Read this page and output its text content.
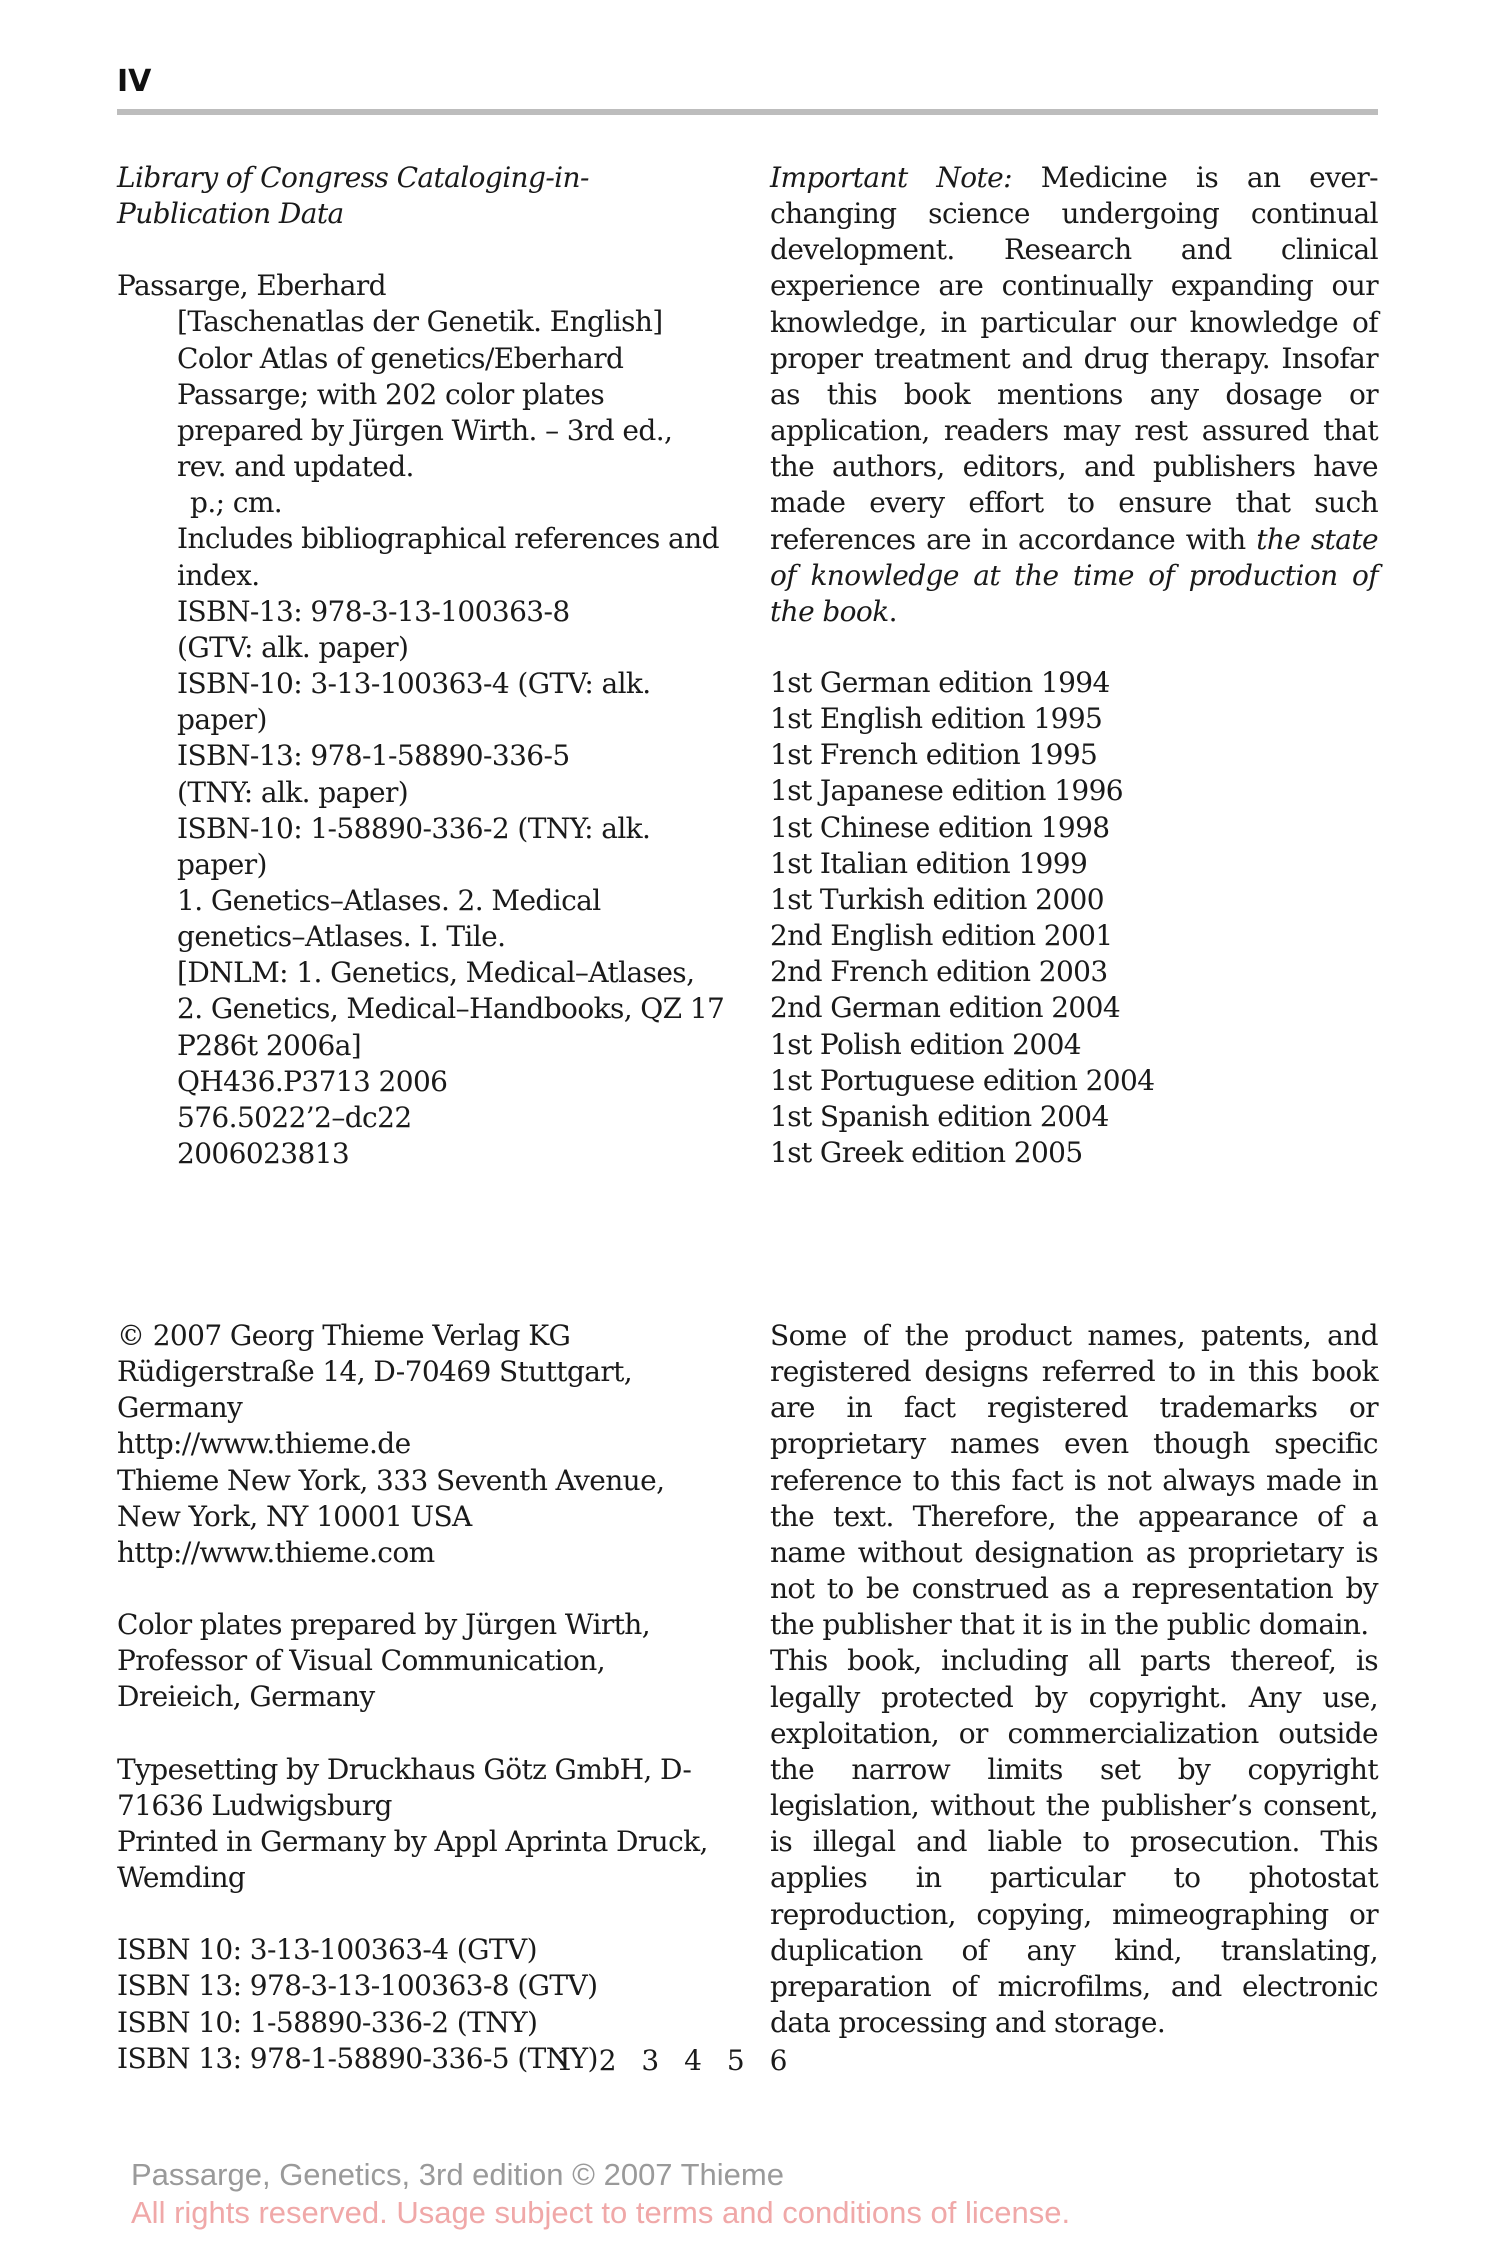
IV

Library of Congress Cataloging-in-Publication Data

Passarge, Eberhard

[Taschenatlas der Genetik. English]

Color Atlas of genetics/Eberhard Passarge; with 202 color plates prepared by Jürgen Wirth. – 3rd ed., rev. and updated.

p.; cm.

Includes bibliographical references and index.

ISBN-13: 978-3-13-100363-8

(GTV: alk. paper)

ISBN-10: 3-13-100363-4 (GTV: alk. paper)

ISBN-13: 978-1-58890-336-5

(TNY: alk. paper)

ISBN-10: 1-58890-336-2 (TNY: alk. paper)

1. Genetics–Atlases. 2. Medical genetics–Atlases. I. Tile.

[DNLM: 1. Genetics, Medical–Atlases, 2. Genetics, Medical–Handbooks, QZ 17 P286t 2006a]

QH436.P3713 2006

576.5022’2–dc22

2006023813

Important Note: Medicine is an ever-changing science undergoing continual development. Research and clinical experience are continually expanding our knowledge, in particular our knowledge of proper treatment and drug therapy. Insofar as this book mentions any dosage or application, readers may rest assured that the authors, editors, and publishers have made every effort to ensure that such references are in accordance with the state of knowledge at the time of production of the book.

1st German edition 1994

1st English edition 1995

1st French edition 1995

1st Japanese edition 1996

1st Chinese edition 1998

1st Italian edition 1999

1st Turkish edition 2000

2nd English edition 2001

2nd French edition 2003

2nd German edition 2004

1st Polish edition 2004

1st Portuguese edition 2004

1st Spanish edition 2004

1st Greek edition 2005

© 2007 Georg Thieme Verlag KG

Rüdigerstraße 14, D-70469 Stuttgart, Germany

http://www.thieme.de

Thieme New York, 333 Seventh Avenue,

New York, NY 10001 USA

http://www.thieme.com

Color plates prepared by Jürgen Wirth, Professor of Visual Communication, Dreieich, Germany

Typesetting by Druckhaus Götz GmbH, D-71636 Ludwigsburg

Printed in Germany by Appl Aprinta Druck, Wemding

ISBN 10: 3-13-100363-4 (GTV)

ISBN 13: 978-3-13-100363-8 (GTV)

ISBN 10: 1-58890-336-2 (TNY)

ISBN 13: 978-1-58890-336-5 (TNY)

1 2 3 4 5 6

Some of the product names, patents, and registered designs referred to in this book are in fact registered trademarks or proprietary names even though specific reference to this fact is not always made in the text. Therefore, the appearance of a name without designation as proprietary is not to be construed as a representation by the publisher that it is in the public domain.

This book, including all parts thereof, is legally protected by copyright. Any use, exploitation, or commercialization outside the narrow limits set by copyright legislation, without the publisher’s consent, is illegal and liable to prosecution. This applies in particular to photostat reproduction, copying, mimeographing or duplication of any kind, translating, preparation of microfilms, and electronic data processing and storage.

Passarge, Genetics, 3rd edition © 2007 Thieme
All rights reserved. Usage subject to terms and conditions of license.
